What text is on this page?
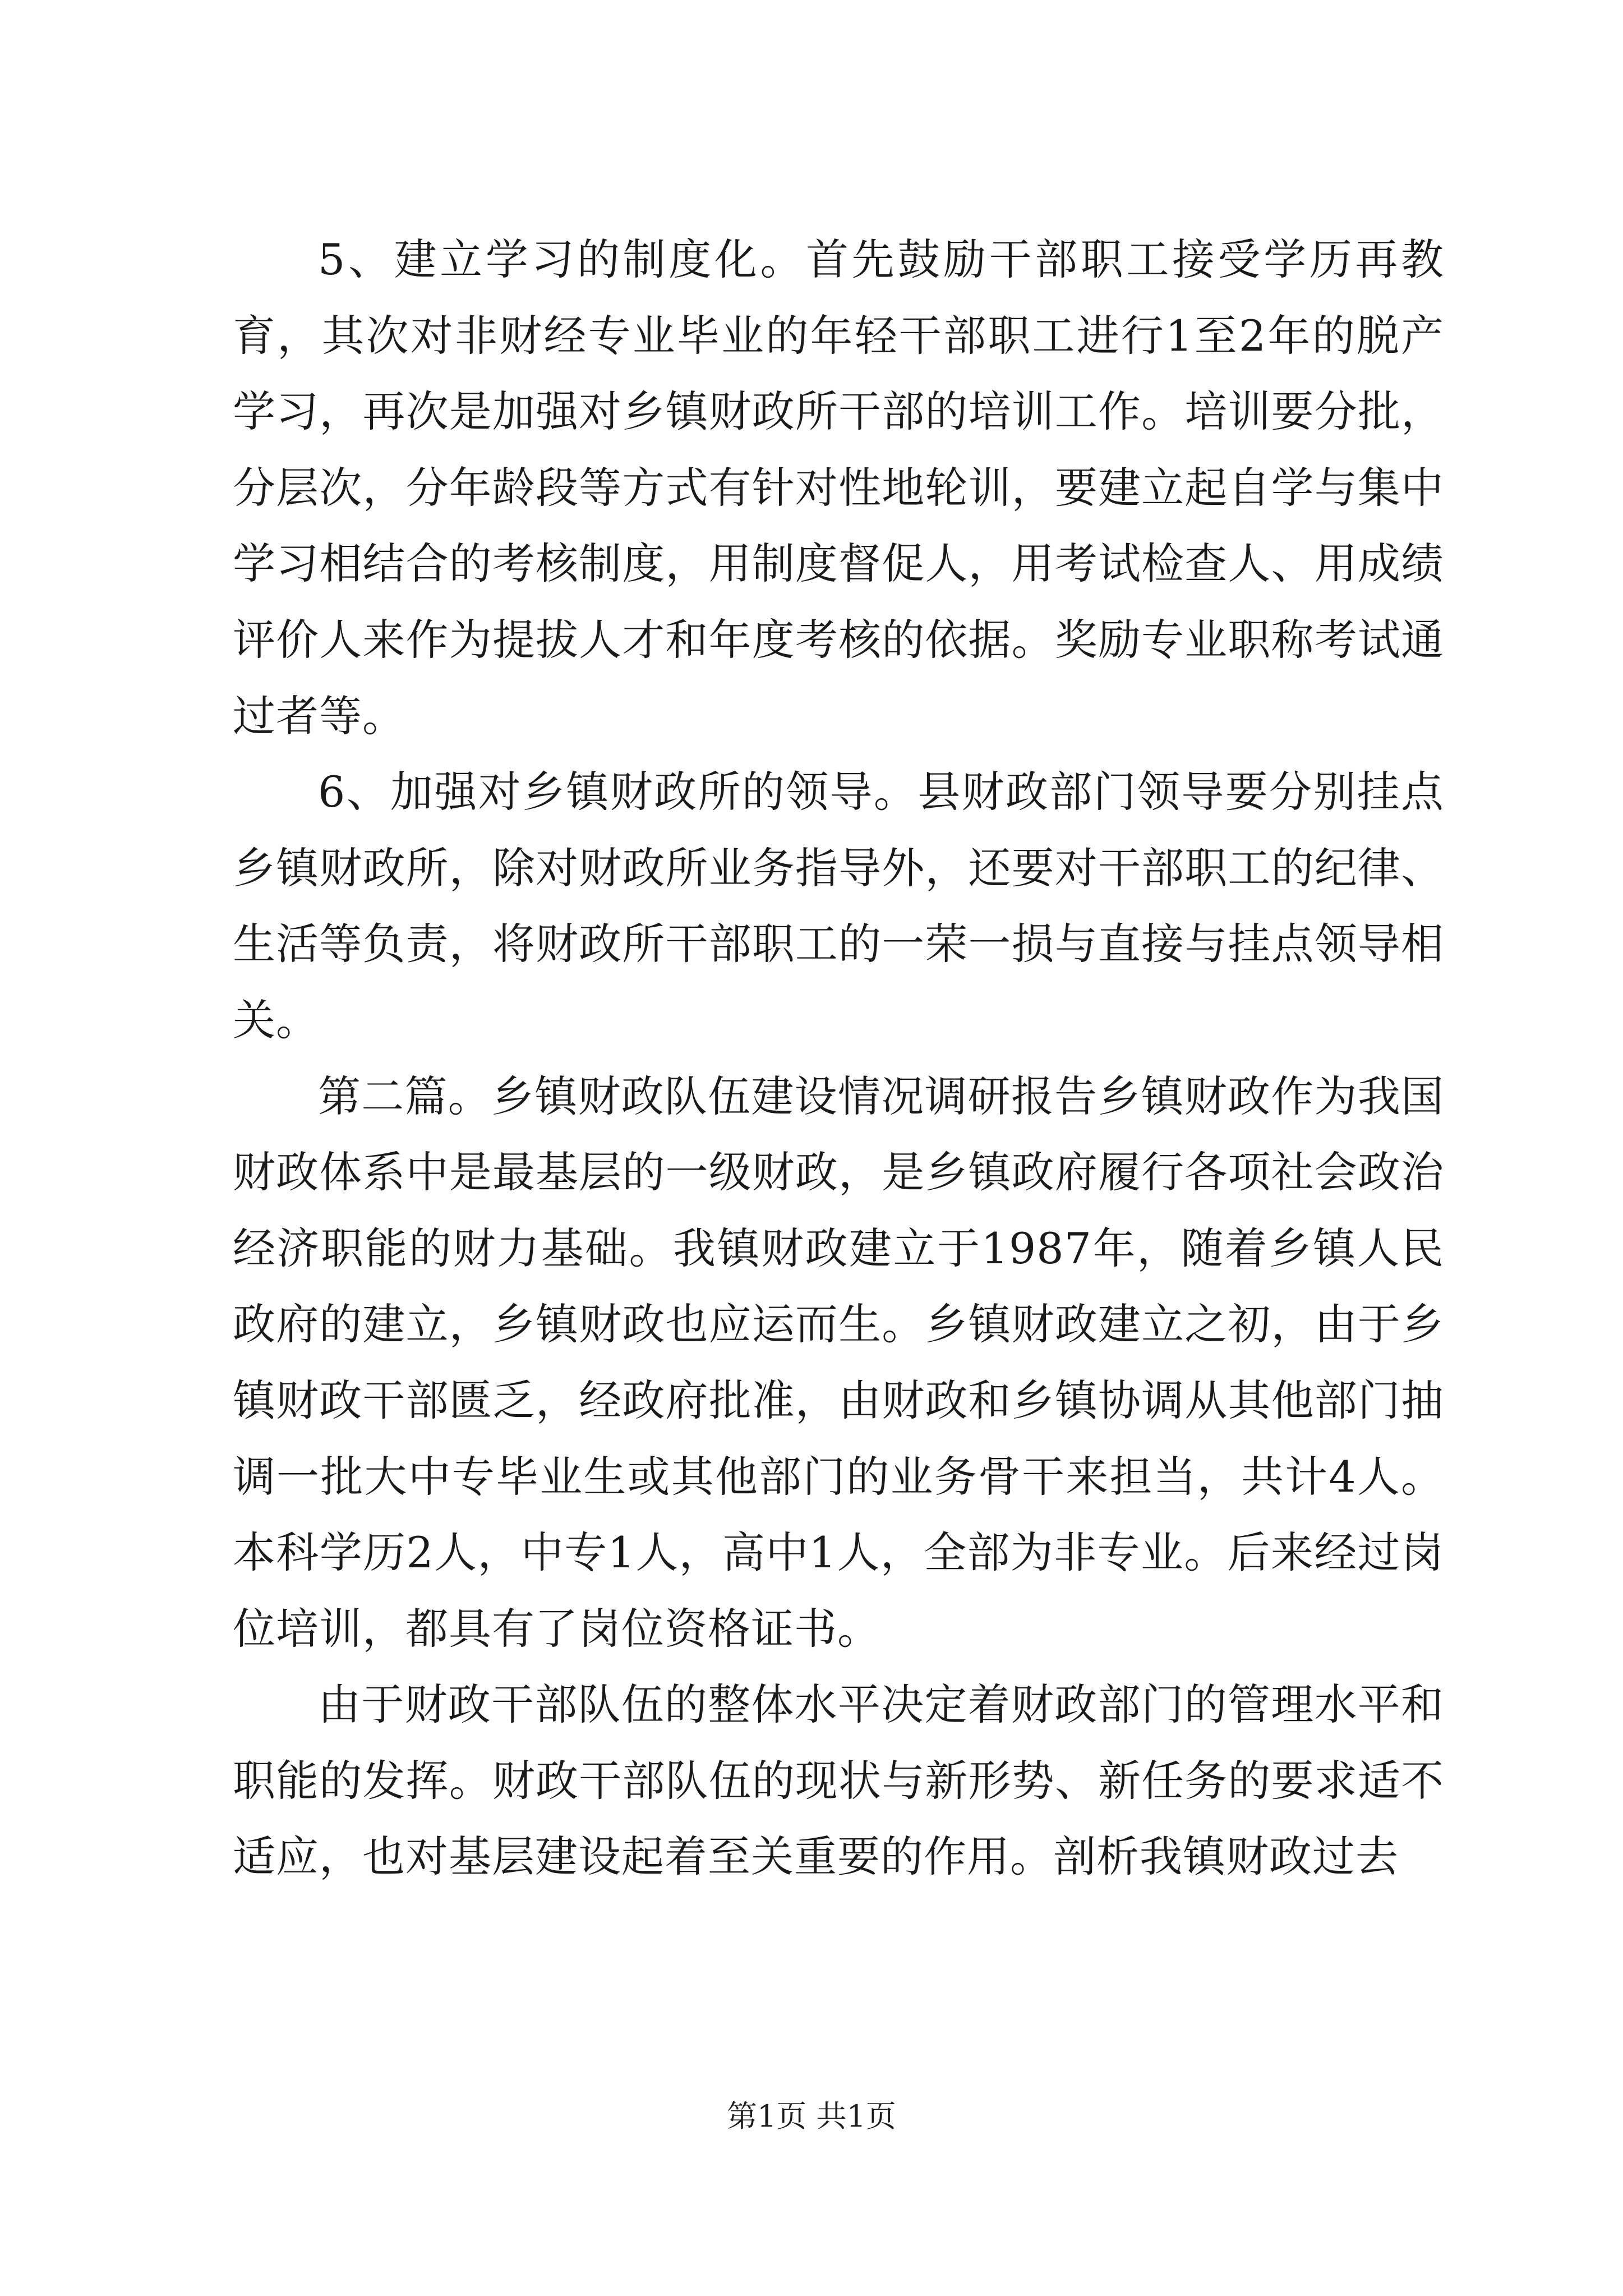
5、建立学习的制度化。首先鼓励干部职工接受学历再教育，其次对非财经专业毕业的年轻干部职工进行1至2年的脱产学习，再次是加强对乡镇财政所干部的培训工作。培训要分批，分层次，分年龄段等方式有针对性地轮训，要建立起自学与集中学习相结合的考核制度，用制度督促人，用考试检查人、用成绩评价人来作为提拔人才和年度考核的依据。奖励专业职称考试通过者等。

6、加强对乡镇财政所的领导。县财政部门领导要分别挂点乡镇财政所，除对财政所业务指导外，还要对干部职工的纪律、生活等负责，将财政所干部职工的一荣一损与直接与挂点领导相关。

第二篇。乡镇财政队伍建设情况调研报告乡镇财政作为我国财政体系中是最基层的一级财政，是乡镇政府履行各项社会政治经济职能的财力基础。我镇财政建立于1987年，随着乡镇人民政府的建立，乡镇财政也应运而生。乡镇财政建立之初，由于乡镇财政干部匮乏，经政府批准，由财政和乡镇协调从其他部门抽调一批大中专毕业生或其他部门的业务骨干来担当，共计4人。本科学历2人，中专1人，高中1人，全部为非专业。后来经过岗位培训，都具有了岗位资格证书。

由于财政干部队伍的整体水平决定着财政部门的管理水平和职能的发挥。财政干部队伍的现状与新形势、新任务的要求适不适应，也对基层建设起着至关重要的作用。剖析我镇财政过去

第1页 共1页
